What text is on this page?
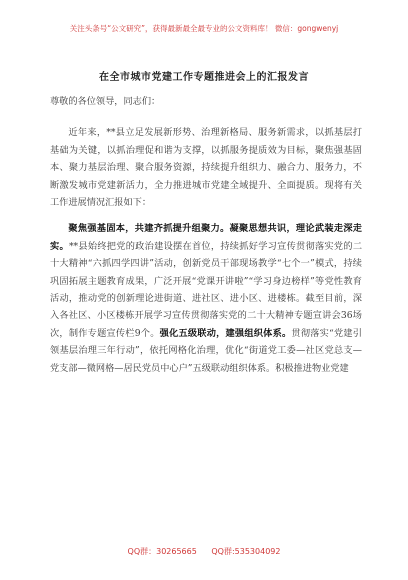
关注头条号“公文研究”，获得最新最全最专业的公文资料库！ 微信：gongwenyj
在全市城市党建工作专题推进会上的汇报发言

尊敬的各位领导，同志们：

近年来，**县立足发展新形势、治理新格局、服务新需求，以抓基层打基础为关键，以抓治理促和谐为支撑，以抓服务提质效为目标，聚焦强基固本、聚力基层治理、聚合服务资源，持续提升组织力、融合力、服务力，不断激发城市党建新活力，全力推进城市党建全域提升、全面提质。现将有关工作进展情况汇报如下：

聚焦强基固本，共建齐抓提升组聚力。凝聚思想共识，理论武装走深走实。**县始终把党的政治建设摆在首位，持续抓好学习宣传贯彻落实党的二十大精神“六抓四学四讲”活动，创新党员干部现场教学“七个一”模式，持续巩固拓展主题教育成果，广泛开展“党课开讲啦”“学习身边榜样”等党性教育活动，推动党的创新理论进街道、进社区、进小区、进楼栋。截至目前，深入各社区、小区楼栋开展学习宣传贯彻落实党的二十大精神专题宣讲会36场次，制作专题宣传栏9个。强化五级联动，建强组织体系。贯彻落实“党建引领基层治理三年行动”，依托网格化治理，优化“街道党工委—社区党总支—党支部—微网格—居民党员中心户”五级联动组织体系。积极推进物业党建

QQ群：30265665 QQ群:535304092
